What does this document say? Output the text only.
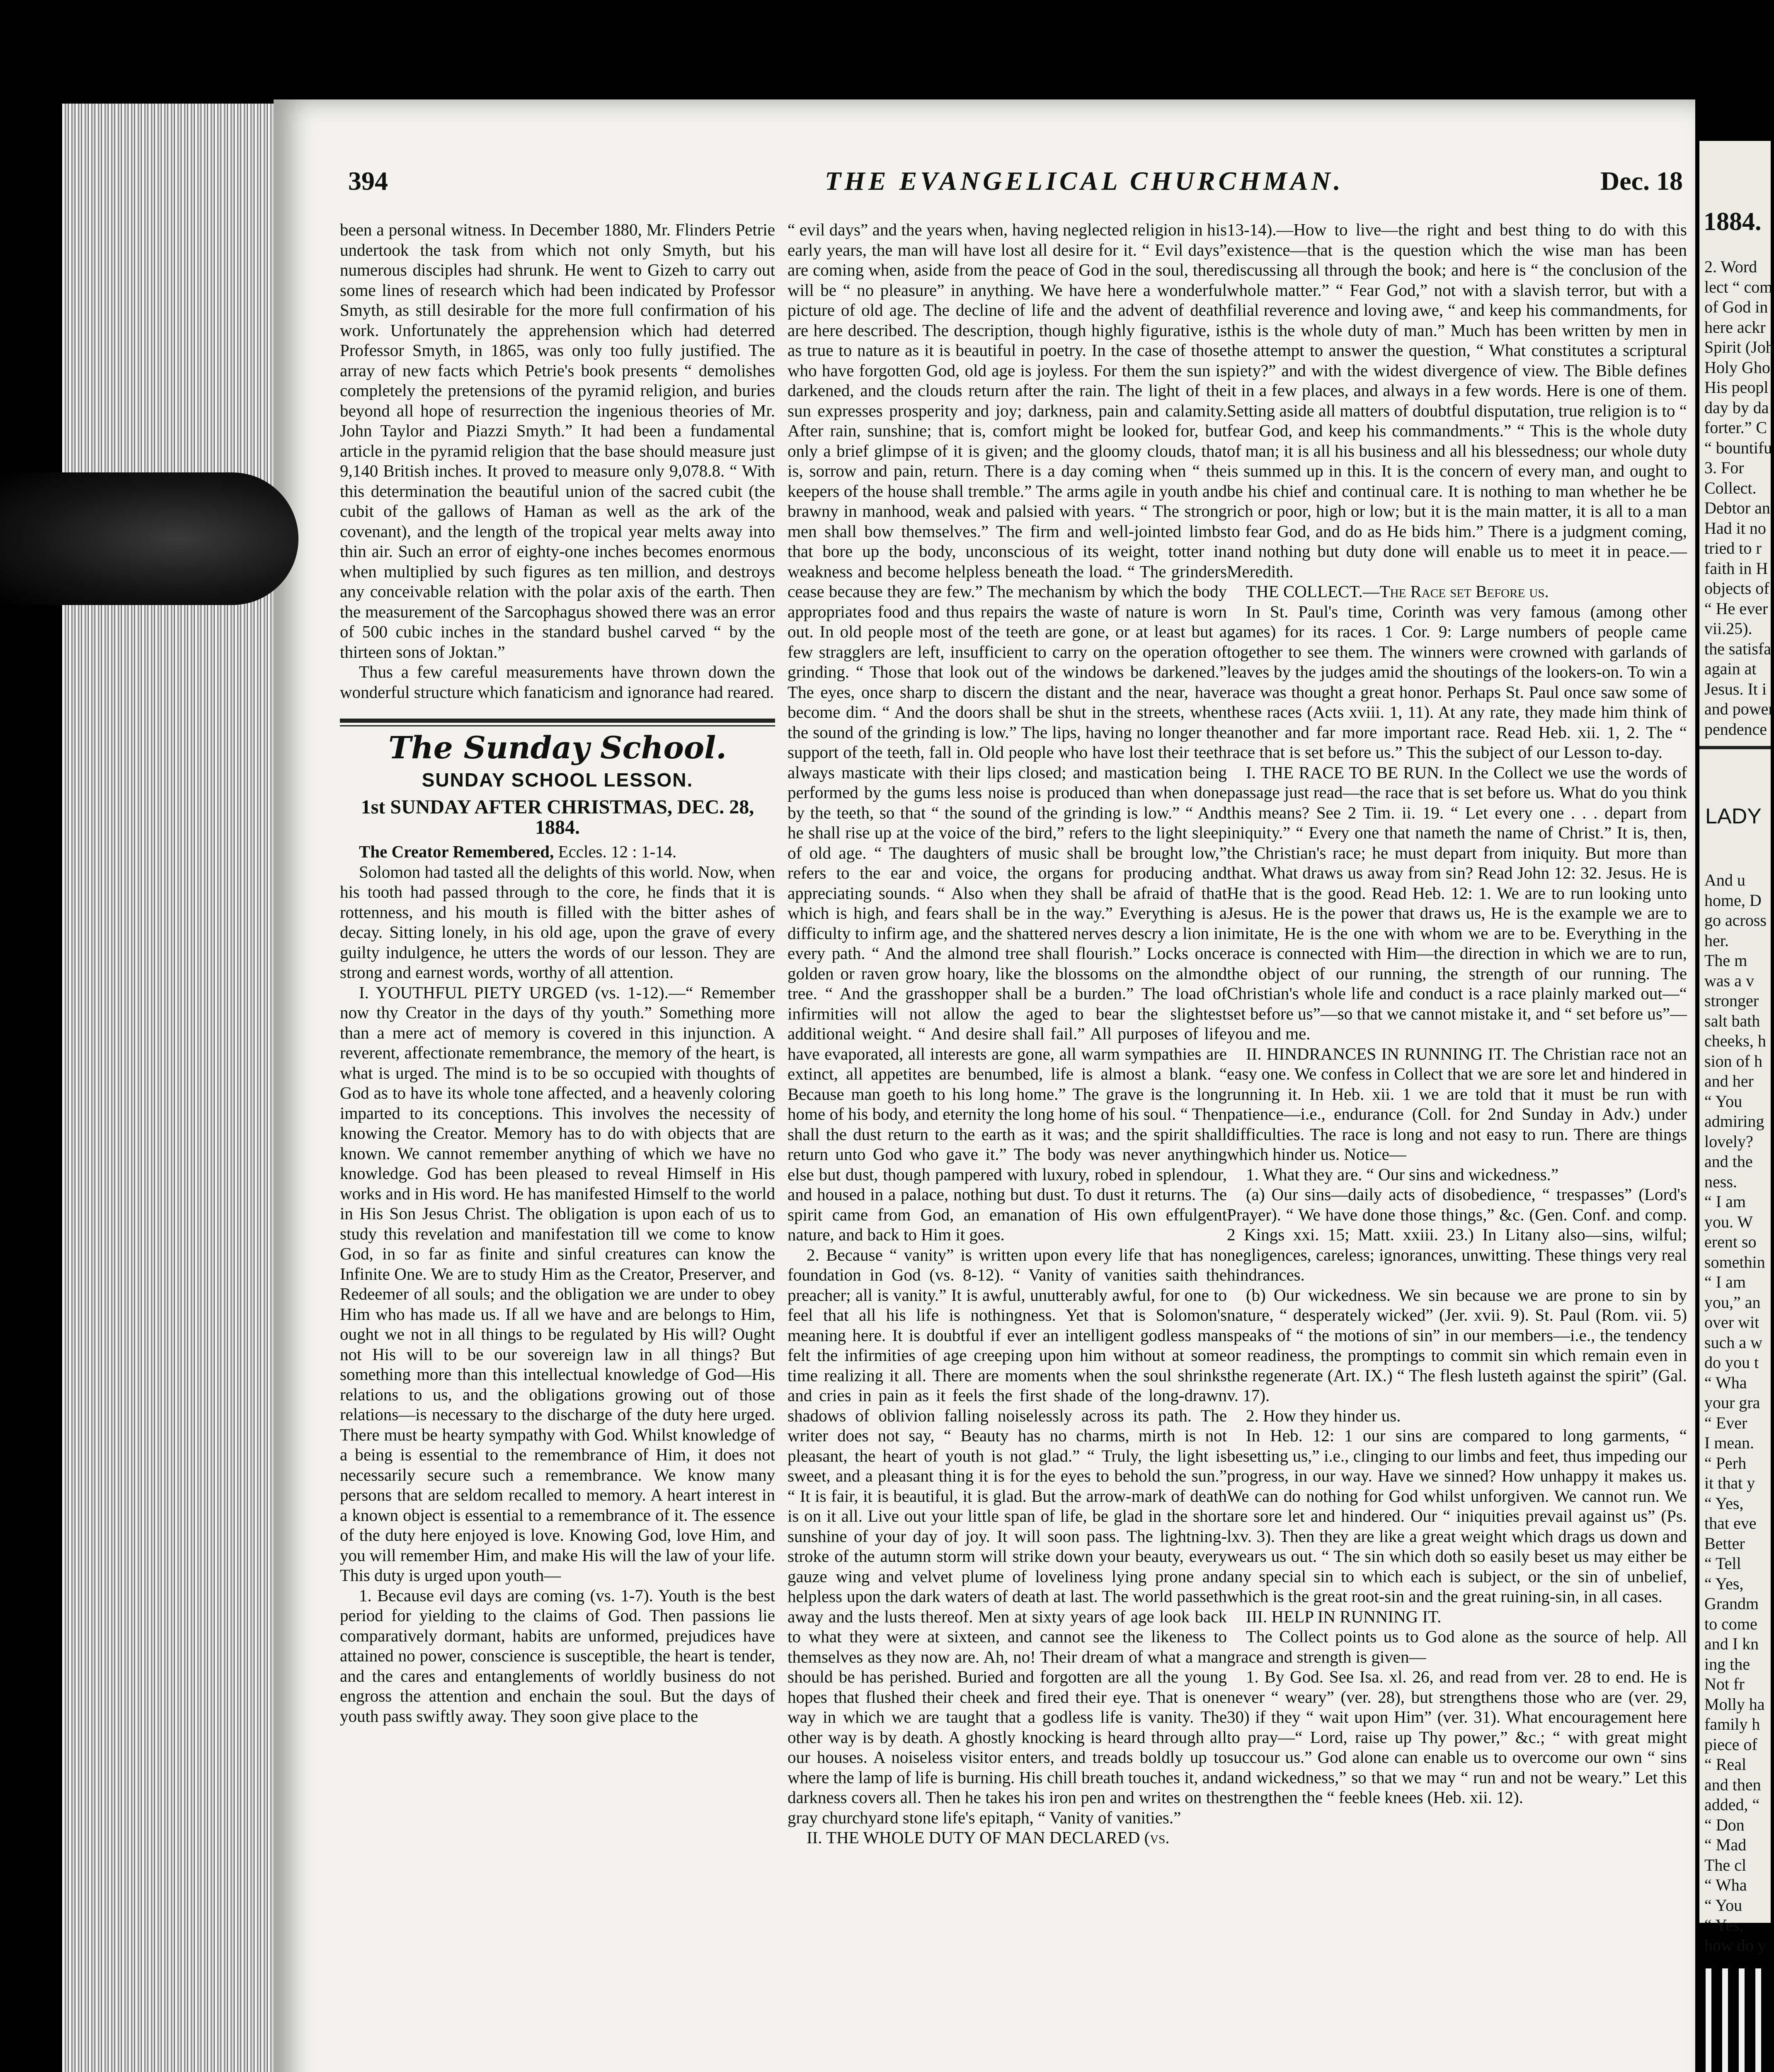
394	THE EVANGELICAL CHURCHMAN.	Dec. 18

been a personal witness. In December 1880, Mr. Flinders Petrie undertook the task from which not only Smyth, but his numerous disciples had shrunk. He went to Gizeh to carry out some lines of research which had been indicated by Professor Smyth, as still desirable for the more full confirmation of his work. Unfortunately the apprehension which had deterred Professor Smyth, in 1865, was only too fully justified. The array of new facts which Petrie's book presents “ demolishes completely the pretensions of the pyramid religion, and buries beyond all hope of resurrection the ingenious theories of Mr. John Taylor and Piazzi Smyth.” It had been a fundamental article in the pyramid religion that the base should measure just 9,140 British inches. It proved to measure only 9,078.8. “ With this determination the beautiful union of the sacred cubit (the cubit of the gallows of Haman as well as the ark of the covenant), and the length of the tropical year melts away into thin air. Such an error of eighty-one inches becomes enormous when multiplied by such figures as ten million, and destroys any conceivable relation with the polar axis of the earth. Then the measurement of the Sarcophagus showed there was an error of 500 cubic inches in the standard bushel carved “ by the thirteen sons of Joktan.”

Thus a few careful measurements have thrown down the wonderful structure which fanaticism and ignorance had reared.

The Sunday School.
SUNDAY SCHOOL LESSON.
1st SUNDAY AFTER CHRISTMAS, DEC. 28, 1884.

The Creator Remembered, Eccles. 12 : 1-14.

Solomon had tasted all the delights of this world. Now, when his tooth had passed through to the core, he finds that it is rottenness, and his mouth is filled with the bitter ashes of decay. Sitting lonely, in his old age, upon the grave of every guilty indulgence, he utters the words of our lesson. They are strong and earnest words, worthy of all attention.

I. YOUTHFUL PIETY URGED (vs. 1-12).—“ Remember now thy Creator in the days of thy youth.” Something more than a mere act of memory is covered in this injunction. A reverent, affectionate remembrance, the memory of the heart, is what is urged. The mind is to be so occupied with thoughts of God as to have its whole tone affected, and a heavenly coloring imparted to its conceptions. This involves the necessity of knowing the Creator. Memory has to do with objects that are known. We cannot remember anything of which we have no knowledge. God has been pleased to reveal Himself in His works and in His word. He has manifested Himself to the world in His Son Jesus Christ. The obligation is upon each of us to study this revelation and manifestation till we come to know God, in so far as finite and sinful creatures can know the Infinite One. We are to study Him as the Creator, Preserver, and Redeemer of all souls; and the obligation we are under to obey Him who has made us. If all we have and are belongs to Him, ought we not in all things to be regulated by His will? Ought not His will to be our sovereign law in all things? But something more than this intellectual knowledge of God—His relations to us, and the obligations growing out of those relations—is necessary to the discharge of the duty here urged. There must be hearty sympathy with God. Whilst knowledge of a being is essential to the remembrance of Him, it does not necessarily secure such a remembrance. We know many persons that are seldom recalled to memory. A heart interest in a known object is essential to a remembrance of it. The essence of the duty here enjoyed is love. Knowing God, love Him, and you will remember Him, and make His will the law of your life. This duty is urged upon youth—

1. Because evil days are coming (vs. 1-7). Youth is the best period for yielding to the claims of God. Then passions lie comparatively dormant, habits are unformed, prejudices have attained no power, conscience is susceptible, the heart is tender, and the cares and entanglements of worldly business do not engross the attention and enchain the soul. But the days of youth pass swiftly away. They soon give place to the

“ evil days” and the years when, having neglected religion in his early years, the man will have lost all desire for it. “ Evil days” are coming when, aside from the peace of God in the soul, there will be “ no pleasure” in anything. We have here a wonderful picture of old age. The decline of life and the advent of death are here described. The description, though highly figurative, is as true to nature as it is beautiful in poetry. In the case of those who have forgotten God, old age is joyless. For them the sun is darkened, and the clouds return after the rain. The light of the sun expresses prosperity and joy; darkness, pain and calamity. After rain, sunshine; that is, comfort might be looked for, but only a brief glimpse of it is given; and the gloomy clouds, that is, sorrow and pain, return. There is a day coming when “ the keepers of the house shall tremble.” The arms agile in youth and brawny in manhood, weak and palsied with years. “ The strong men shall bow themselves.” The firm and well-jointed limbs that bore up the body, unconscious of its weight, totter in weakness and become helpless beneath the load. “ The grinders cease because they are few.” The mechanism by which the body appropriates food and thus repairs the waste of nature is worn out. In old people most of the teeth are gone, or at least but a few stragglers are left, insufficient to carry on the operation of grinding. “ Those that look out of the windows be darkened.” The eyes, once sharp to discern the distant and the near, have become dim. “ And the doors shall be shut in the streets, when the sound of the grinding is low.” The lips, having no longer the support of the teeth, fall in. Old people who have lost their teeth always masticate with their lips closed; and mastication being performed by the gums less noise is produced than when done by the teeth, so that “ the sound of the grinding is low.” “ And he shall rise up at the voice of the bird,” refers to the light sleep of old age. “ The daughters of music shall be brought low,” refers to the ear and voice, the organs for producing and appreciating sounds. “ Also when they shall be afraid of that which is high, and fears shall be in the way.” Everything is a difficulty to infirm age, and the shattered nerves descry a lion in every path. “ And the almond tree shall flourish.” Locks once golden or raven grow hoary, like the blossoms on the almond tree. “ And the grasshopper shall be a burden.” The load of infirmities will not allow the aged to bear the slightest additional weight. “ And desire shall fail.” All purposes of life have evaporated, all interests are gone, all warm sympathies are extinct, all appetites are benumbed, life is almost a blank. “ Because man goeth to his long home.” The grave is the long home of his body, and eternity the long home of his soul. “ Then shall the dust return to the earth as it was; and the spirit shall return unto God who gave it.” The body was never anything else but dust, though pampered with luxury, robed in splendour, and housed in a palace, nothing but dust. To dust it returns. The spirit came from God, an emanation of His own effulgent nature, and back to Him it goes.

2. Because “ vanity” is written upon every life that has no foundation in God (vs. 8-12). “ Vanity of vanities saith the preacher; all is vanity.” It is awful, unutterably awful, for one to feel that all his life is nothingness. Yet that is Solomon's meaning here. It is doubtful if ever an intelligent godless man felt the infirmities of age creeping upon him without at some time realizing it all. There are moments when the soul shrinks and cries in pain as it feels the first shade of the long-drawn shadows of oblivion falling noiselessly across its path. The writer does not say, “ Beauty has no charms, mirth is not pleasant, the heart of youth is not glad.” “ Truly, the light is sweet, and a pleasant thing it is for the eyes to behold the sun.” “ It is fair, it is beautiful, it is glad. But the arrow-mark of death is on it all. Live out your little span of life, be glad in the short sunshine of your day of joy. It will soon pass. The lightning-stroke of the autumn storm will strike down your beauty, every gauze wing and velvet plume of loveliness lying prone and helpless upon the dark waters of death at last. The world passeth away and the lusts thereof. Men at sixty years of age look back to what they were at sixteen, and cannot see the likeness to themselves as they now are. Ah, no! Their dream of what a man should be has perished. Buried and forgotten are all the young hopes that flushed their cheek and fired their eye. That is one way in which we are taught that a godless life is vanity. The other way is by death. A ghostly knocking is heard through all our houses. A noiseless visitor enters, and treads boldly up to where the lamp of life is burning. His chill breath touches it, and darkness covers all. Then he takes his iron pen and writes on the gray churchyard stone life's epitaph, “ Vanity of vanities.”

II. THE WHOLE DUTY OF MAN DECLARED (vs.

13-14).—How to live—the right and best thing to do with this existence—that is the question which the wise man has been discussing all through the book; and here is “ the conclusion of the whole matter.” “ Fear God,” not with a slavish terror, but with a filial reverence and loving awe, “ and keep his commandments, for this is the whole duty of man.” Much has been written by men in the attempt to answer the question, “ What constitutes a scriptural piety?” and with the widest divergence of view. The Bible defines it in a few places, and always in a few words. Here is one of them. Setting aside all matters of doubtful disputation, true religion is to “ fear God, and keep his commandments.” “ This is the whole duty of man; it is all his business and all his blessedness; our whole duty is summed up in this. It is the concern of every man, and ought to be his chief and continual care. It is nothing to man whether he be rich or poor, high or low; but it is the main matter, it is all to a man to fear God, and do as He bids him.” There is a judgment coming, and nothing but duty done will enable us to meet it in peace.—Meredith.

THE COLLECT.—The Race set Before us.

In St. Paul's time, Corinth was very famous (among other games) for its races. 1 Cor. 9: Large numbers of people came together to see them. The winners were crowned with garlands of leaves by the judges amid the shoutings of the lookers-on. To win a race was thought a great honor. Perhaps St. Paul once saw some of these races (Acts xviii. 1, 11). At any rate, they made him think of another and far more important race. Read Heb. xii. 1, 2. The “ race that is set before us.” This the subject of our Lesson to-day.

I. THE RACE TO BE RUN. In the Collect we use the words of passage just read—the race that is set before us. What do you think this means? See 2 Tim. ii. 19. “ Let every one . . . depart from iniquity.” “ Every one that nameth the name of Christ.” It is, then, the Christian's race; he must depart from iniquity. But more than that. What draws us away from sin? Read John 12: 32. Jesus. He is He that is the good. Read Heb. 12: 1. We are to run looking unto Jesus. He is the power that draws us, He is the example we are to imitate, He is the one with whom we are to be. Everything in the race is connected with Him—the direction in which we are to run, the object of our running, the strength of our running. The Christian's whole life and conduct is a race plainly marked out—“ set before us”—so that we cannot mistake it, and “ set before us”—you and me.

II. HINDRANCES IN RUNNING IT. The Christian race not an easy one. We confess in Collect that we are sore let and hindered in running it. In Heb. xii. 1 we are told that it must be run with patience—i.e., endurance (Coll. for 2nd Sunday in Adv.) under difficulties. The race is long and not easy to run. There are things which hinder us. Notice—

1. What they are. “ Our sins and wickedness.”

(a) Our sins—daily acts of disobedience, “ trespasses” (Lord's Prayer). “ We have done those things,” &c. (Gen. Conf. and comp. 2 Kings xxi. 15; Matt. xxiii. 23.) In Litany also—sins, wilful; negligences, careless; ignorances, unwitting. These things very real hindrances.

(b) Our wickedness. We sin because we are prone to sin by nature, “ desperately wicked” (Jer. xvii. 9). St. Paul (Rom. vii. 5) speaks of “ the motions of sin” in our members—i.e., the tendency or readiness, the promptings to commit sin which remain even in the regenerate (Art. IX.) “ The flesh lusteth against the spirit” (Gal. v. 17).

2. How they hinder us.

In Heb. 12: 1 our sins are compared to long garments, “ besetting us,” i.e., clinging to our limbs and feet, thus impeding our progress, in our way. Have we sinned? How unhappy it makes us. We can do nothing for God whilst unforgiven. We cannot run. We are sore let and hindered. Our “ iniquities prevail against us” (Ps. lxv. 3). Then they are like a great weight which drags us down and wears us out. “ The sin which doth so easily beset us may either be any special sin to which each is subject, or the sin of unbelief, which is the great root-sin and the great ruining-sin, in all cases.

III. HELP IN RUNNING IT.

The Collect points us to God alone as the source of help. All grace and strength is given—

1. By God. See Isa. xl. 26, and read from ver. 28 to end. He is never “ weary” (ver. 28), but strengthens those who are (ver. 29, 30) if they “ wait upon Him” (ver. 31). What encouragement here to pray—“ Lord, raise up Thy power,” &c.; “ with great might succour us.” God alone can enable us to overcome our own “ sins and wickedness,” so that we may “ run and not be weary.” Let this strengthen the “ feeble knees (Heb. xii. 12).

1884.
2. Word
lect “ com
of God in
here ackr
Spirit (Joh
Holy Gho
His peopl
day by da
forter.” C
“ bountifu
3. For
Collect.
Debtor an
Had it no
tried to r
faith in H
objects of
“ He ever
vii.25).
the satisfa
again at
Jesus. It i
and power
pendence
LADY
And u
home, D
go across
her.
The m
was a v
stronger
salt bath
cheeks, h
sion of h
and her
“ You
admiring
lovely?
and the
ness.
“ I am
you. W
erent so
somethin
“ I am
you,” an
over wit
such a w
do you t
“ Wha
your gra
“ Ever
I mean.
“ Perh
it that y
“ Yes,
that eve
Better
“ Tell
“ Yes,
Grandm
to come
and I kn
ing the
Not fr
Molly ha
family h
piece of
“ Real
and then
added, “
“ Don
“ Mad
The cl
“ Wha
“ You
“ Yes,
how do y
